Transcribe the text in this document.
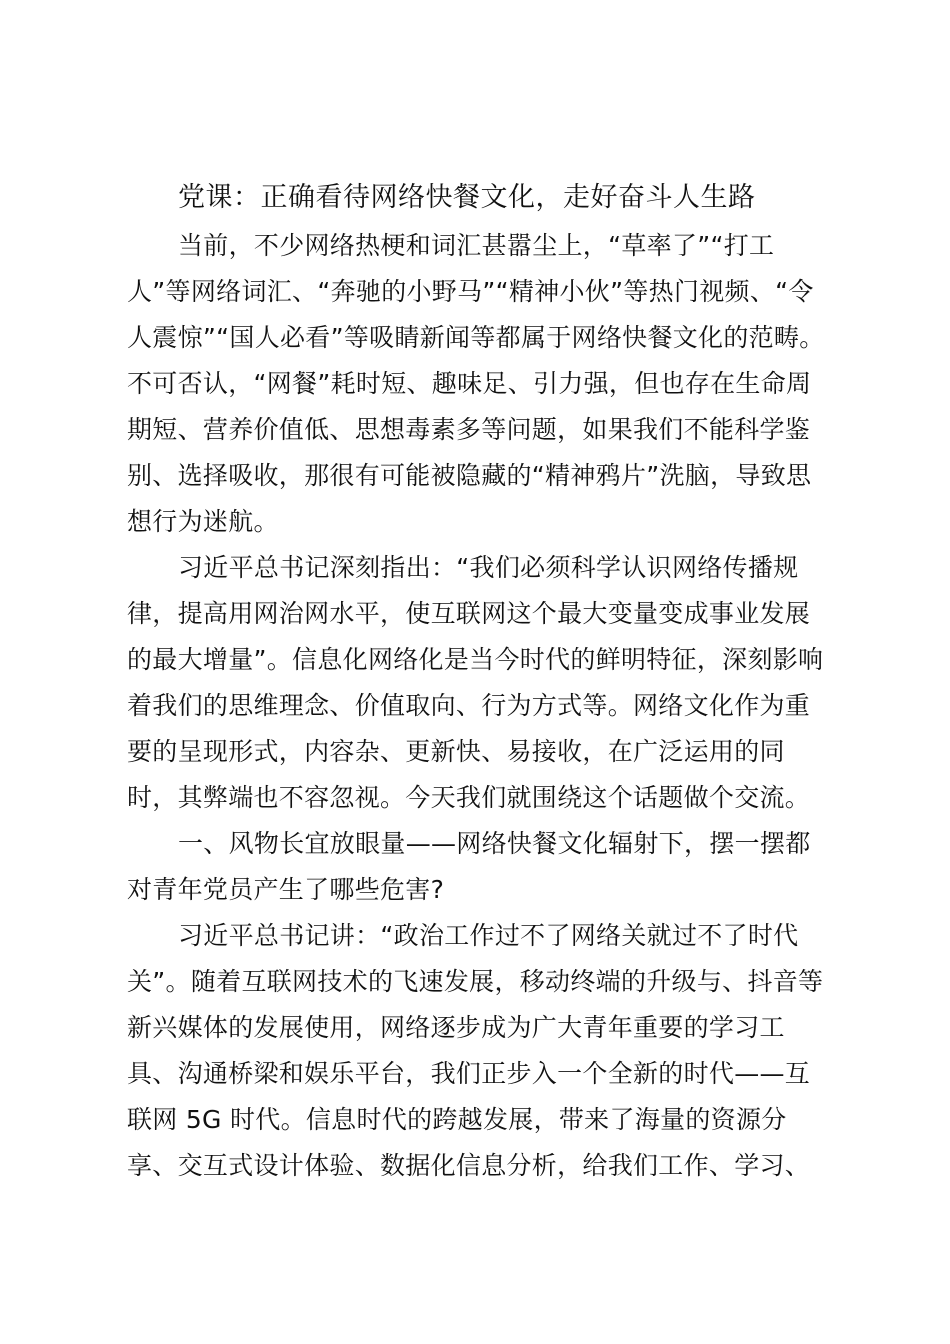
党课：正确看待网络快餐文化，走好奋斗人生路
当前，不少网络热梗和词汇甚嚣尘上，“草率了”“打工
人”等网络词汇、“奔驰的小野马”“精神小伙”等热门视频、“令
人震惊”“国人必看”等吸睛新闻等都属于网络快餐文化的范畴。
不可否认，“网餐”耗时短、趣味足、引力强，但也存在生命周
期短、营养价值低、思想毒素多等问题，如果我们不能科学鉴
别、选择吸收，那很有可能被隐藏的“精神鸦片”洗脑，导致思
想行为迷航。
习近平总书记深刻指出：“我们必须科学认识网络传播规
律，提高用网治网水平，使互联网这个最大变量变成事业发展
的最大增量”。信息化网络化是当今时代的鲜明特征，深刻影响
着我们的思维理念、价值取向、行为方式等。网络文化作为重
要的呈现形式，内容杂、更新快、易接收，在广泛运用的同
时，其弊端也不容忽视。今天我们就围绕这个话题做个交流。
一、风物长宜放眼量——网络快餐文化辐射下，摆一摆都
对青年党员产生了哪些危害?
习近平总书记讲：“政治工作过不了网络关就过不了时代
关”。随着互联网技术的飞速发展，移动终端的升级与、抖音等
新兴媒体的发展使用，网络逐步成为广大青年重要的学习工
具、沟通桥梁和娱乐平台，我们正步入一个全新的时代——互
联网 5G 时代。信息时代的跨越发展，带来了海量的资源分
享、交互式设计体验、数据化信息分析，给我们工作、学习、
